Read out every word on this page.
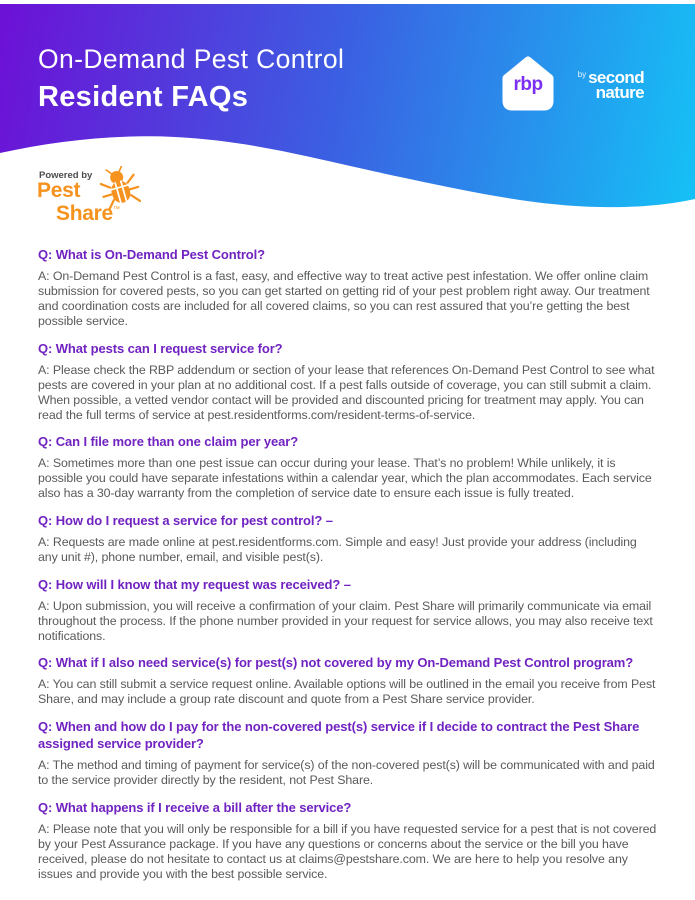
On-Demand Pest Control
Resident FAQs	rbp	$^{by}$ second
nature
Powered by
Pest
Share™
Q: What is On-Demand Pest Control?

A: On-Demand Pest Control is a fast, easy, and effective way to treat active pest infestation. We offer online claim submission for covered pests, so you can get started on getting rid of your pest problem right away. Our treatment and coordination costs are included for all covered claims, so you can rest assured that you’re getting the best possible service.

Q: What pests can I request service for?

A: Please check the RBP addendum or section of your lease that references On-Demand Pest Control to see what pests are covered in your plan at no additional cost. If a pest falls outside of coverage, you can still submit a claim. When possible, a vetted vendor contact will be provided and discounted pricing for treatment may apply. You can read the full terms of service at pest.residentforms.com/resident-terms-of-service.

Q: Can I file more than one claim per year?

A: Sometimes more than one pest issue can occur during your lease. That’s no problem! While unlikely, it is possible you could have separate infestations within a calendar year, which the plan accommodates. Each service also has a 30-day warranty from the completion of service date to ensure each issue is fully treated.

Q: How do I request a service for pest control? –

A: Requests are made online at pest.residentforms.com. Simple and easy! Just provide your address (including any unit #), phone number, email, and visible pest(s).

Q: How will I know that my request was received? –

A: Upon submission, you will receive a confirmation of your claim. Pest Share will primarily communicate via email throughout the process. If the phone number provided in your request for service allows, you may also receive text notifications.

Q: What if I also need service(s) for pest(s) not covered by my On-Demand Pest Control program?

A: You can still submit a service request online. Available options will be outlined in the email you receive from Pest Share, and may include a group rate discount and quote from a Pest Share service provider.

Q: When and how do I pay for the non-covered pest(s) service if I decide to contract the Pest Share assigned service provider?

A: The method and timing of payment for service(s) of the non-covered pest(s) will be communicated with and paid to the service provider directly by the resident, not Pest Share.

Q: What happens if I receive a bill after the service?

A: Please note that you will only be responsible for a bill if you have requested service for a pest that is not covered by your Pest Assurance package. If you have any questions or concerns about the service or the bill you have received, please do not hesitate to contact us at claims@pestshare.com. We are here to help you resolve any issues and provide you with the best possible service.
